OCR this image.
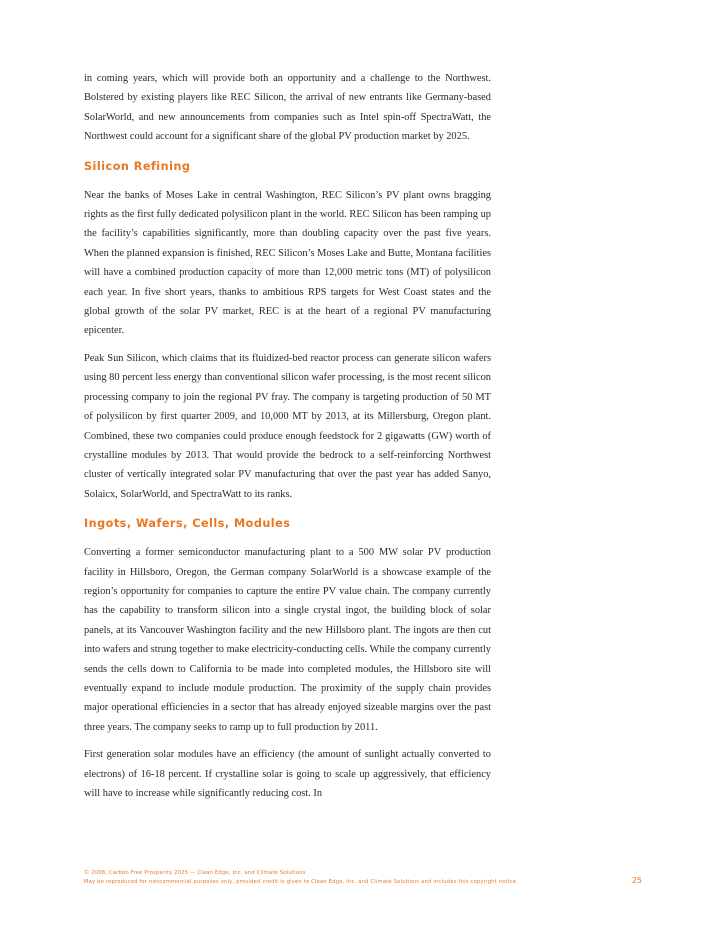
in coming years, which will provide both an opportunity and a challenge to the Northwest. Bolstered by existing players like REC Silicon, the arrival of new entrants like Germany-based SolarWorld, and new announcements from companies such as Intel spin-off SpectraWatt, the Northwest could account for a significant share of the global PV production market by 2025.

Silicon Refining

Near the banks of Moses Lake in central Washington, REC Silicon’s PV plant owns bragging rights as the first fully dedicated polysilicon plant in the world. REC Silicon has been ramping up the facility’s capabilities significantly, more than doubling capacity over the past five years. When the planned expansion is finished, REC Silicon’s Moses Lake and Butte, Montana facilities will have a combined production capacity of more than 12,000 metric tons (MT) of polysilicon each year. In five short years, thanks to ambitious RPS targets for West Coast states and the global growth of the solar PV market, REC is at the heart of a regional PV manufacturing epicenter.

Peak Sun Silicon, which claims that its fluidized-bed reactor process can generate silicon wafers using 80 percent less energy than conventional silicon wafer processing, is the most recent silicon processing company to join the regional PV fray. The company is targeting production of 50 MT of polysilicon by first quarter 2009, and 10,000 MT by 2013, at its Millersburg, Oregon plant. Combined, these two companies could produce enough feedstock for 2 gigawatts (GW) worth of crystalline modules by 2013. That would provide the bedrock to a self-reinforcing Northwest cluster of vertically integrated solar PV manufacturing that over the past year has added Sanyo, Solaicx, SolarWorld, and SpectraWatt to its ranks.

Ingots, Wafers, Cells, Modules

Converting a former semiconductor manufacturing plant to a 500 MW solar PV production facility in Hillsboro, Oregon, the German company SolarWorld is a showcase example of the region’s opportunity for companies to capture the entire PV value chain. The company currently has the capability to transform silicon into a single crystal ingot, the building block of solar panels, at its Vancouver Washington facility and the new Hillsboro plant. The ingots are then cut into wafers and strung together to make electricity-conducting cells. While the company currently sends the cells down to California to be made into completed modules, the Hillsboro site will eventually expand to include module production. The proximity of the supply chain provides major operational efficiencies in a sector that has already enjoyed sizeable margins over the past three years. The company seeks to ramp up to full production by 2011.

First generation solar modules have an efficiency (the amount of sunlight actually converted to electrons) of 16-18 percent. If crystalline solar is going to scale up aggressively, that efficiency will have to increase while significantly reducing cost. In

© 2008, Carbon Free Prosperity 2025 — Clean Edge, Inc. and Climate Solutions
May be reproduced for noncommercial purposes only, provided credit is given to Clean Edge, Inc. and Climate Solutions and includes this copyright notice.	25
